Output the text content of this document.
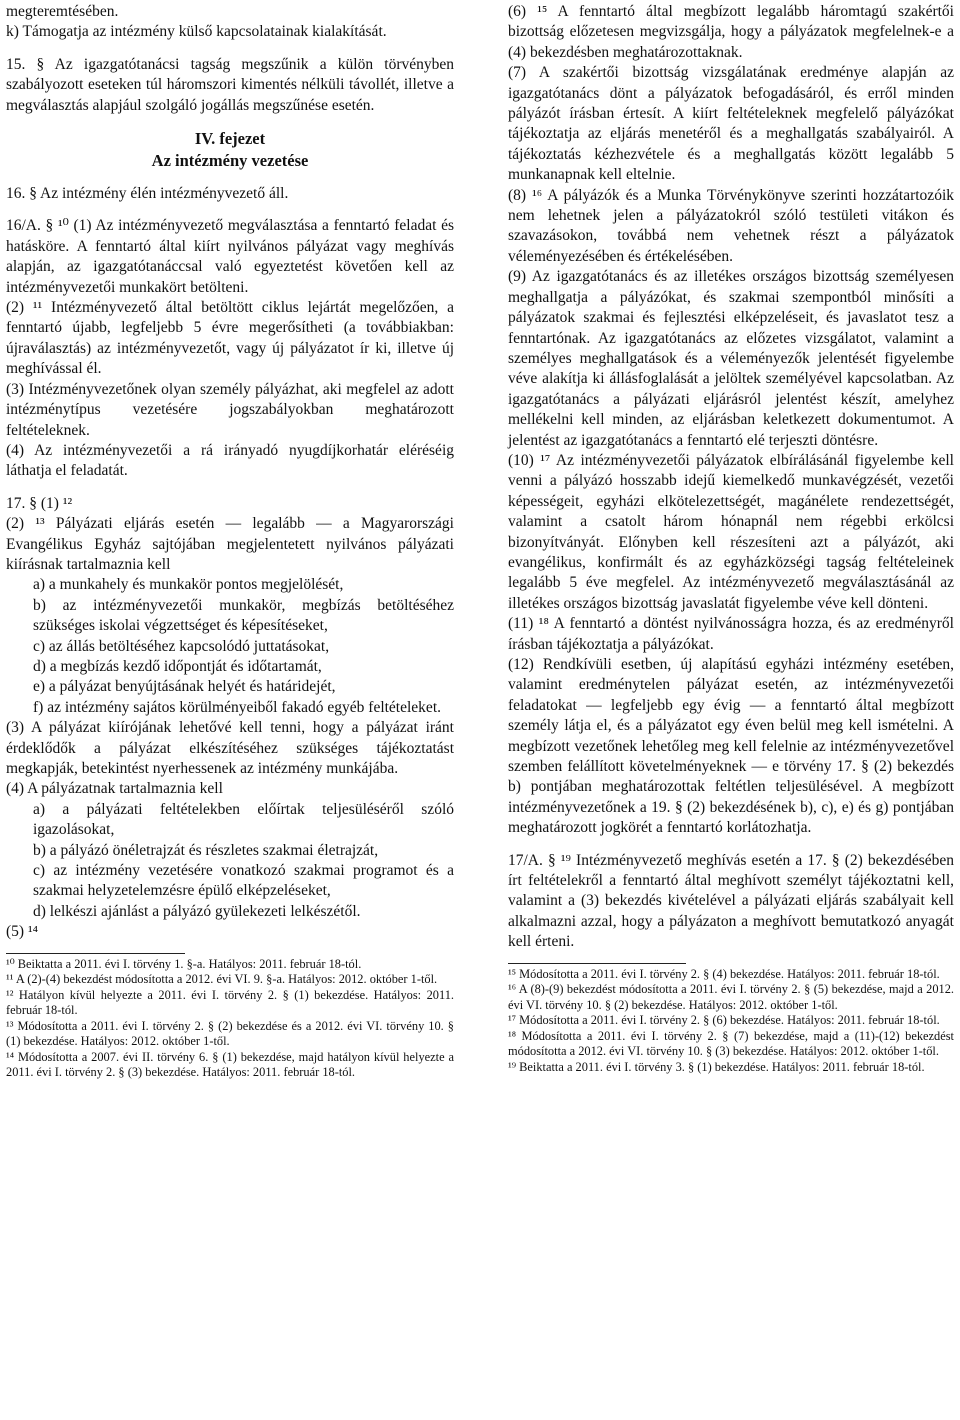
megteremtésében.

k) Támogatja az intézmény külső kapcsolatainak kialakítását.

15. § Az igazgatótanácsi tagság megszűnik a külön törvényben szabályozott eseteken túl háromszori kimentés nélküli távollét, illetve a megválasztás alapjául szolgáló jogállás megszűnése esetén.

IV. fejezet
Az intézmény vezetése

16. § Az intézmény élén intézményvezető áll.

16/A. § ¹⁰ (1) Az intézményvezető megválasztása a fenntartó feladat és hatásköre. A fenntartó által kiírt nyilvános pályázat vagy meghívás alapján, az igazgatótanáccsal való egyeztetést követően kell az intézményvezetői munkakört betölteni.

(2) ¹¹ Intézményvezető által betöltött ciklus lejártát megelőzően, a fenntartó újabb, legfeljebb 5 évre megerősítheti (a továbbiakban: újraválasztás) az intézményvezetőt, vagy új pályázatot ír ki, illetve új meghívással él.

(3) Intézményvezetőnek olyan személy pályázhat, aki megfelel az adott intézménytípus vezetésére jogszabályokban meghatározott feltételeknek.

(4) Az intézményvezetői a rá irányadó nyugdíjkorhatár eléréséig láthatja el feladatát.

17. § (1) ¹²

(2) ¹³ Pályázati eljárás esetén ― legalább ― a Magyarországi Evangélikus Egyház sajtójában megjelentetett nyilvános pályázati kiírásnak tartalmaznia kell

a) a munkahely és munkakör pontos megjelölését,

b) az intézményvezetői munkakör, megbízás betöltéséhez szükséges iskolai végzettséget és képesítéseket,

c) az állás betöltéséhez kapcsolódó juttatásokat,

d) a megbízás kezdő időpontját és időtartamát,

e) a pályázat benyújtásának helyét és határidejét,

f) az intézmény sajátos körülményeiből fakadó egyéb feltételeket.

(3) A pályázat kiírójának lehetővé kell tenni, hogy a pályázat iránt érdeklődők a pályázat elkészítéséhez szükséges tájékoztatást megkapják, betekintést nyerhessenek az intézmény munkájába.

(4) A pályázatnak tartalmaznia kell

a) a pályázati feltételekben előírtak teljesüléséről szóló igazolásokat,

b) a pályázó önéletrajzát és részletes szakmai életrajzát,

c) az intézmény vezetésére vonatkozó szakmai programot és a szakmai helyzetelemzésre épülő elképzeléseket,

d) lelkészi ajánlást a pályázó gyülekezeti lelkészétől.

(5) ¹⁴

¹⁰ Beiktatta a 2011. évi I. törvény 1. §-a. Hatályos: 2011. február 18-tól.

¹¹ A (2)-(4) bekezdést módosította a 2012. évi VI. 9. §-a. Hatályos: 2012. október 1-től.

¹² Hatályon kívül helyezte a 2011. évi I. törvény 2. § (1) bekezdése. Hatályos: 2011. február 18-tól.

¹³ Módosította a 2011. évi I. törvény 2. § (2) bekezdése és a 2012. évi VI. törvény 10. § (1) bekezdése. Hatályos: 2012. október 1-től.

¹⁴ Módosította a 2007. évi II. törvény 6. § (1) bekezdése, majd hatályon kívül helyezte a 2011. évi I. törvény 2. § (3) bekezdése. Hatályos: 2011. február 18-tól.

(6) ¹⁵ A fenntartó által megbízott legalább háromtagú szakértői bizottság előzetesen megvizsgálja, hogy a pályázatok megfelelnek-e a (4) bekezdésben meghatározottaknak.

(7) A szakértői bizottság vizsgálatának eredménye alapján az igazgatótanács dönt a pályázatok befogadásáról, és erről minden pályázót írásban értesít. A kiírt feltételeknek megfelelő pályázókat tájékoztatja az eljárás menetéről és a meghallgatás szabályairól. A tájékoztatás kézhezvétele és a meghallgatás között legalább 5 munkanapnak kell eltelnie.

(8) ¹⁶ A pályázók és a Munka Törvénykönyve szerinti hozzátartozóik nem lehetnek jelen a pályázatokról szóló testületi vitákon és szavazásokon, továbbá nem vehetnek részt a pályázatok véleményezésében és értékelésében.

(9) Az igazgatótanács és az illetékes országos bizottság személyesen meghallgatja a pályázókat, és szakmai szempontból minősíti a pályázatok szakmai és fejlesztési elképzeléseit, és javaslatot tesz a fenntartónak. Az igazgatótanács az előzetes vizsgálatot, valamint a személyes meghallgatások és a véleményezők jelentését figyelembe véve alakítja ki állásfoglalását a jelöltek személyével kapcsolatban. Az igazgatótanács a pályázati eljárásról jelentést készít, amelyhez mellékelni kell minden, az eljárásban keletkezett dokumentumot. A jelentést az igazgatótanács a fenntartó elé terjeszti döntésre.

(10) ¹⁷ Az intézményvezetői pályázatok elbírálásánál figyelembe kell venni a pályázó hosszabb idejű kiemelkedő munkavégzését, vezetői képességeit, egyházi elkötelezettségét, magánélete rendezettségét, valamint a csatolt három hónapnál nem régebbi erkölcsi bizonyítványát. Előnyben kell részesíteni azt a pályázót, aki evangélikus, konfirmált és az egyházközségi tagság feltételeinek legalább 5 éve megfelel. Az intézményvezető megválasztásánál az illetékes országos bizottság javaslatát figyelembe véve kell dönteni.

(11) ¹⁸ A fenntartó a döntést nyilvánosságra hozza, és az eredményről írásban tájékoztatja a pályázókat.

(12) Rendkívüli esetben, új alapítású egyházi intézmény esetében, valamint eredménytelen pályázat esetén, az intézményvezetői feladatokat ― legfeljebb egy évig ― a fenntartó által megbízott személy látja el, és a pályázatot egy éven belül meg kell ismételni. A megbízott vezetőnek lehetőleg meg kell felelnie az intézményvezetővel szemben felállított követelményeknek ― e törvény 17. § (2) bekezdés b) pontjában meghatározottak feltétlen teljesülésével. A megbízott intézményvezetőnek a 19. § (2) bekezdésének b), c), e) és g) pontjában meghatározott jogkörét a fenntartó korlátozhatja.

17/A. § ¹⁹ Intézményvezető meghívás esetén a 17. § (2) bekezdésében írt feltételekről a fenntartó által meghívott személyt tájékoztatni kell, valamint a (3) bekezdés kivételével a pályázati eljárás szabályait kell alkalmazni azzal, hogy a pályázaton a meghívott bemutatkozó anyagát kell érteni.

¹⁵ Módosította a 2011. évi I. törvény 2. § (4) bekezdése. Hatályos: 2011. február 18-tól.

¹⁶ A (8)-(9) bekezdést módosította a 2011. évi I. törvény 2. § (5) bekezdése, majd a 2012. évi VI. törvény 10. § (2) bekezdése. Hatályos: 2012. október 1-től.

¹⁷ Módosította a 2011. évi I. törvény 2. § (6) bekezdése. Hatályos: 2011. február 18-tól.

¹⁸ Módosította a 2011. évi I. törvény 2. § (7) bekezdése, majd a (11)-(12) bekezdést módosította a 2012. évi VI. törvény 10. § (3) bekezdése. Hatályos: 2012. október 1-től.

¹⁹ Beiktatta a 2011. évi I. törvény 3. § (1) bekezdése. Hatályos: 2011. február 18-tól.
